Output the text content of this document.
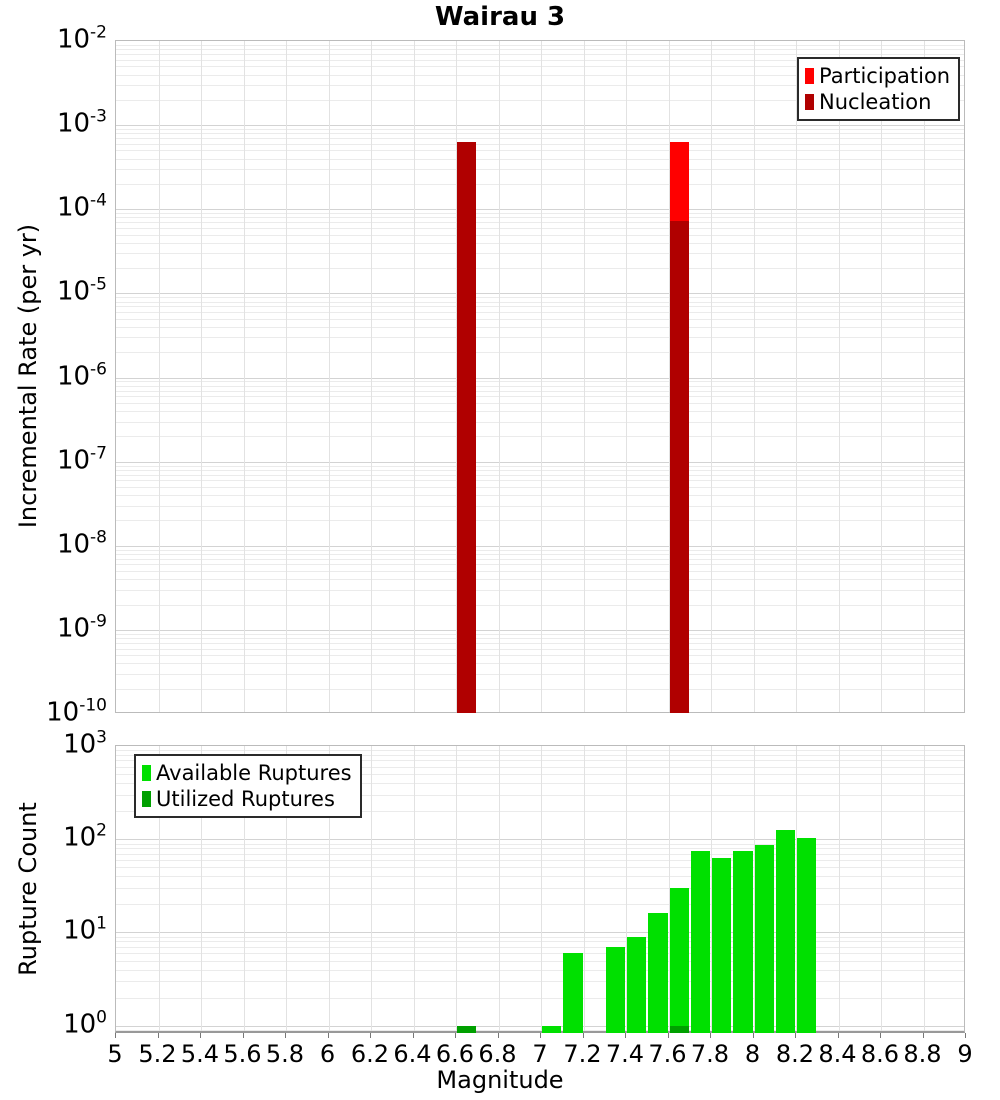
Wairau 3
Incremental Rate (per yr)
Rupture Count
Participation
Nucleation
Available Ruptures
Utilized Ruptures
Magnitude
$10^{-2}$
$10^{-3}$
$10^{-4}$
$10^{-5}$
$10^{-6}$
$10^{-7}$
$10^{-8}$
$10^{-9}$
$10^{-10}$
$10^3$
$10^2$
$10^1$
$10^0$
5 5.2 5.4 5.6 5.8 6 6.2 6.4 6.6 6.8 7 7.2 7.4 7.6 7.8 8 8.2 8.4 8.6 8.8 9
